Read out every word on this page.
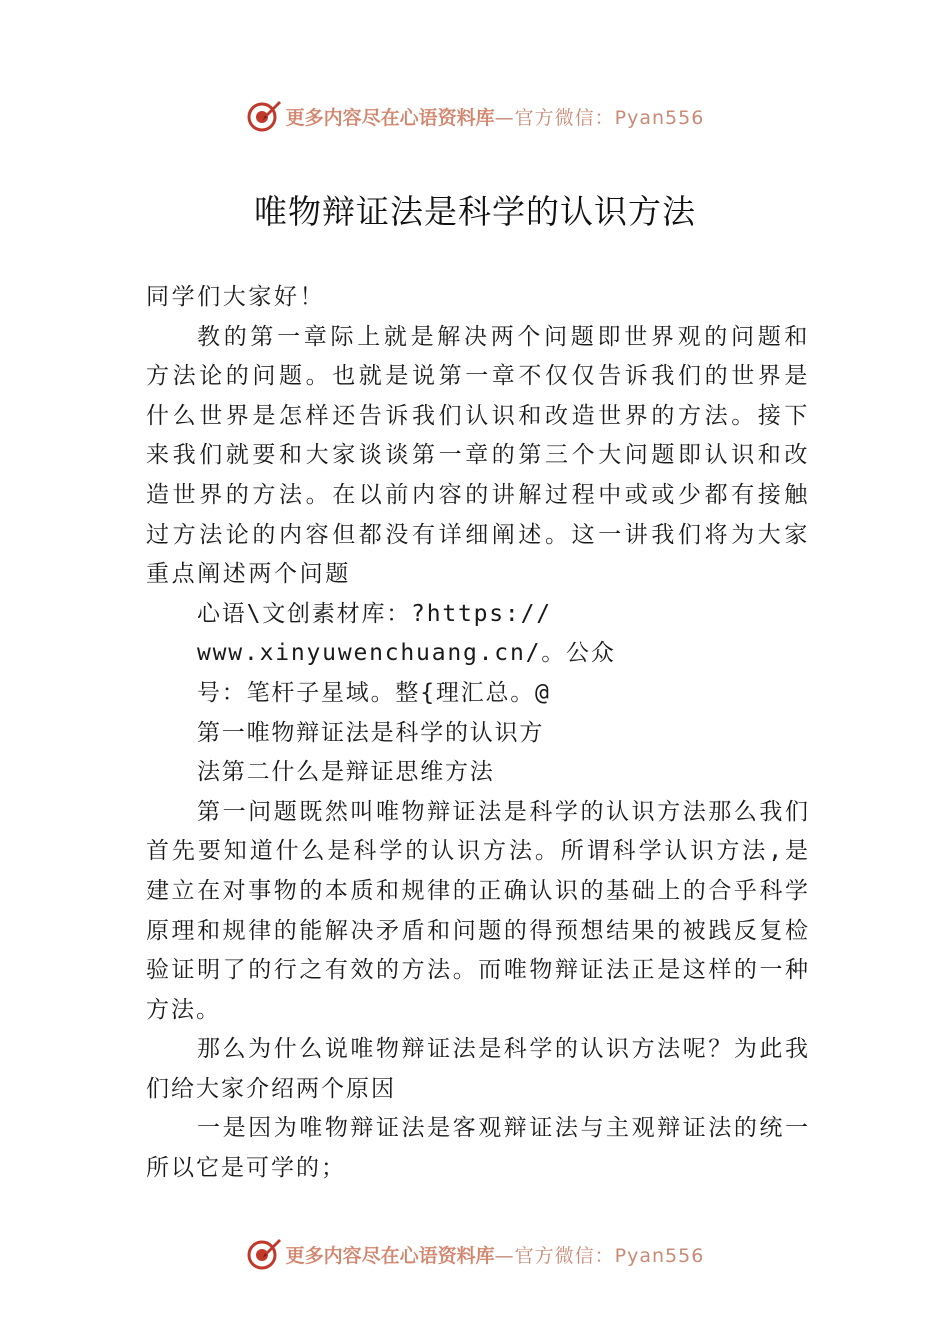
更多内容尽在心语资料库 —官方微信：Pyan556
唯物辩证法是科学的认识方法

同学们大家好！

教的第一章际上就是解决两个问题即世界观的问题和方法论的问题。也就是说第一章不仅仅告诉我们的世界是什么世界是怎样还告诉我们认识和改造世界的方法。接下来我们就要和大家谈谈第一章的第三个大问题即认识和改造世界的方法。在以前内容的讲解过程中或或少都有接触过方法论的内容但都没有详细阐述。这一讲我们将为大家重点阐述两个问题

心语\文创素材库：?https://

www.xinyuwenchuang.cn/。公众

号：笔杆子星域。整{理汇总。@

第一唯物辩证法是科学的认识方

法第二什么是辩证思维方法

第一问题既然叫唯物辩证法是科学的认识方法那么我们首先要知道什么是科学的认识方法。所谓科学认识方法,是建立在对事物的本质和规律的正确认识的基础上的合乎科学原理和规律的能解决矛盾和问题的得预想结果的被践反复检验证明了的行之有效的方法。而唯物辩证法正是这样的一种方法。

那么为什么说唯物辩证法是科学的认识方法呢？为此我们给大家介绍两个原因

一是因为唯物辩证法是客观辩证法与主观辩证法的统一所以它是可学的；

更多内容尽在心语资料库 —官方微信：Pyan556
